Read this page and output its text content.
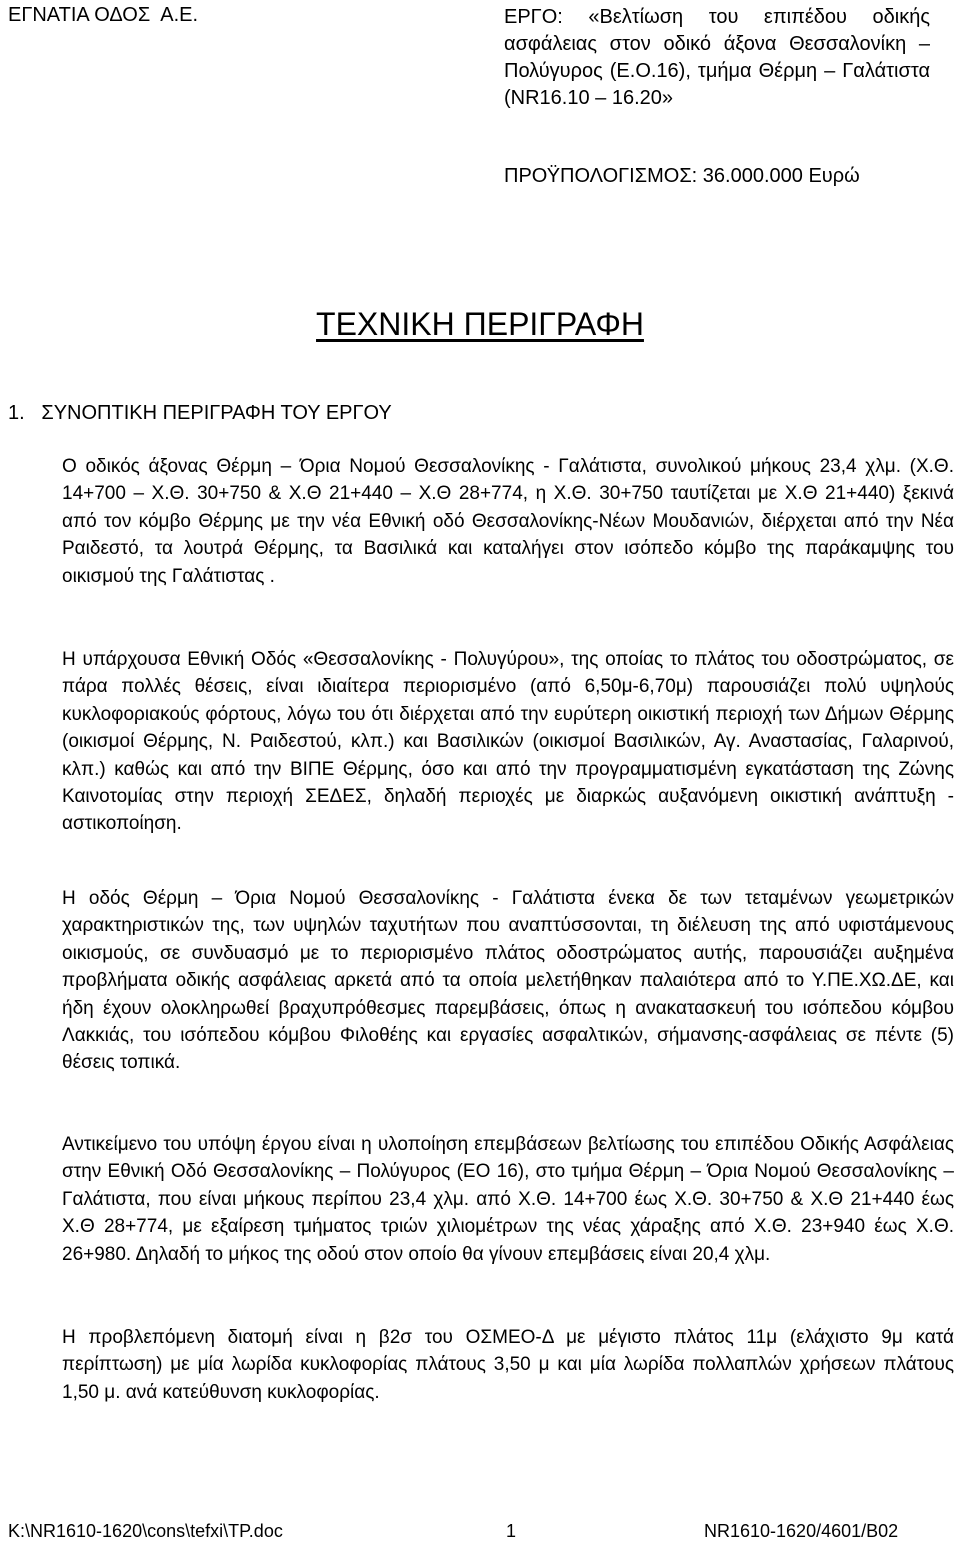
ΕΓΝΑΤΙΑ ΟΔΟΣ  Α.Ε.	ΕΡΓΟ: «Βελτίωση του επιπέδου οδικής ασφάλειας στον οδικό άξονα Θεσσαλονίκη – Πολύγυρος (Ε.Ο.16), τμήμα Θέρμη – Γαλάτιστα (NR16.10 – 16.20»
ΠΡΟΫΠΟΛΟΓΙΣΜΟΣ: 36.000.000 Ευρώ
ΤΕΧΝΙΚΗ ΠΕΡΙΓΡΑΦΗ
1.   ΣΥΝΟΠΤΙΚΗ ΠΕΡΙΓΡΑΦΗ ΤΟΥ ΕΡΓΟΥ
Ο οδικός άξονας Θέρμη – Όρια Νομού Θεσσαλονίκης - Γαλάτιστα, συνολικού μήκους 23,4 χλμ. (Χ.Θ. 14+700 – Χ.Θ. 30+750 & Χ.Θ 21+440 – Χ.Θ 28+774, η Χ.Θ. 30+750 ταυτίζεται με Χ.Θ 21+440) ξεκινά από τον κόμβο Θέρμης με την νέα Εθνική οδό Θεσσαλονίκης-Νέων Μουδανιών, διέρχεται από την Νέα Ραιδεστό, τα λουτρά Θέρμης, τα Βασιλικά και καταλήγει στον ισόπεδο κόμβο της παράκαμψης του οικισμού της Γαλάτιστας .
Η υπάρχουσα Εθνική Οδός «Θεσσαλονίκης - Πολυγύρου», της οποίας το πλάτος του οδοστρώματος, σε πάρα πολλές θέσεις, είναι ιδιαίτερα περιορισμένο (από 6,50μ-6,70μ) παρουσιάζει πολύ υψηλούς κυκλοφοριακούς φόρτους, λόγω του ότι διέρχεται από την ευρύτερη οικιστική περιοχή των Δήμων Θέρμης (οικισμοί Θέρμης, Ν. Ραιδεστού, κλπ.) και Βασιλικών (οικισμοί Βασιλικών, Αγ. Αναστασίας, Γαλαρινού, κλπ.) καθώς και από την ΒΙΠΕ Θέρμης, όσο και από την προγραμματισμένη εγκατάσταση της Ζώνης Καινοτομίας στην περιοχή ΣΕΔΕΣ, δηλαδή περιοχές με διαρκώς αυξανόμενη οικιστική ανάπτυξη - αστικοποίηση.
Η οδός Θέρμη – Όρια Νομού Θεσσαλονίκης - Γαλάτιστα ένεκα δε των τεταμένων γεωμετρικών χαρακτηριστικών της, των υψηλών ταχυτήτων που αναπτύσσονται, τη διέλευση της από υφιστάμενους οικισμούς, σε συνδυασμό με το περιορισμένο πλάτος οδοστρώματος αυτής, παρουσιάζει αυξημένα προβλήματα οδικής ασφάλειας αρκετά από τα οποία μελετήθηκαν παλαιότερα από το Υ.ΠΕ.ΧΩ.ΔΕ, και ήδη έχουν ολοκληρωθεί βραχυπρόθεσμες παρεμβάσεις, όπως η ανακατασκευή του ισόπεδου κόμβου Λακκιάς, του ισόπεδου κόμβου Φιλοθέης και εργασίες ασφαλτικών, σήμανσης-ασφάλειας σε πέντε (5) θέσεις τοπικά.
Αντικείμενο του υπόψη έργου είναι η υλοποίηση επεμβάσεων βελτίωσης του επιπέδου Οδικής Ασφάλειας στην Εθνική Οδό Θεσσαλονίκης – Πολύγυρος (ΕΟ 16), στο τμήμα Θέρμη – Όρια Νομού Θεσσαλονίκης – Γαλάτιστα, που είναι μήκους περίπου 23,4 χλμ. από Χ.Θ. 14+700 έως Χ.Θ. 30+750 & Χ.Θ 21+440 έως Χ.Θ 28+774, με εξαίρεση τμήματος τριών χιλιομέτρων της νέας χάραξης από Χ.Θ. 23+940 έως Χ.Θ. 26+980. Δηλαδή το μήκος της οδού στον οποίο θα γίνουν επεμβάσεις είναι 20,4 χλμ.
Η προβλεπόμενη διατομή είναι η β2σ του ΟΣΜΕΟ-Δ με μέγιστο πλάτος 11μ (ελάχιστο 9μ κατά περίπτωση) με μία λωρίδα κυκλοφορίας πλάτους 3,50 μ και μία λωρίδα πολλαπλών χρήσεων πλάτους 1,50 μ. ανά κατεύθυνση κυκλοφορίας.
K:\NR1610-1620\cons\tefxi\TP.doc	1	NR1610-1620/4601/B02
